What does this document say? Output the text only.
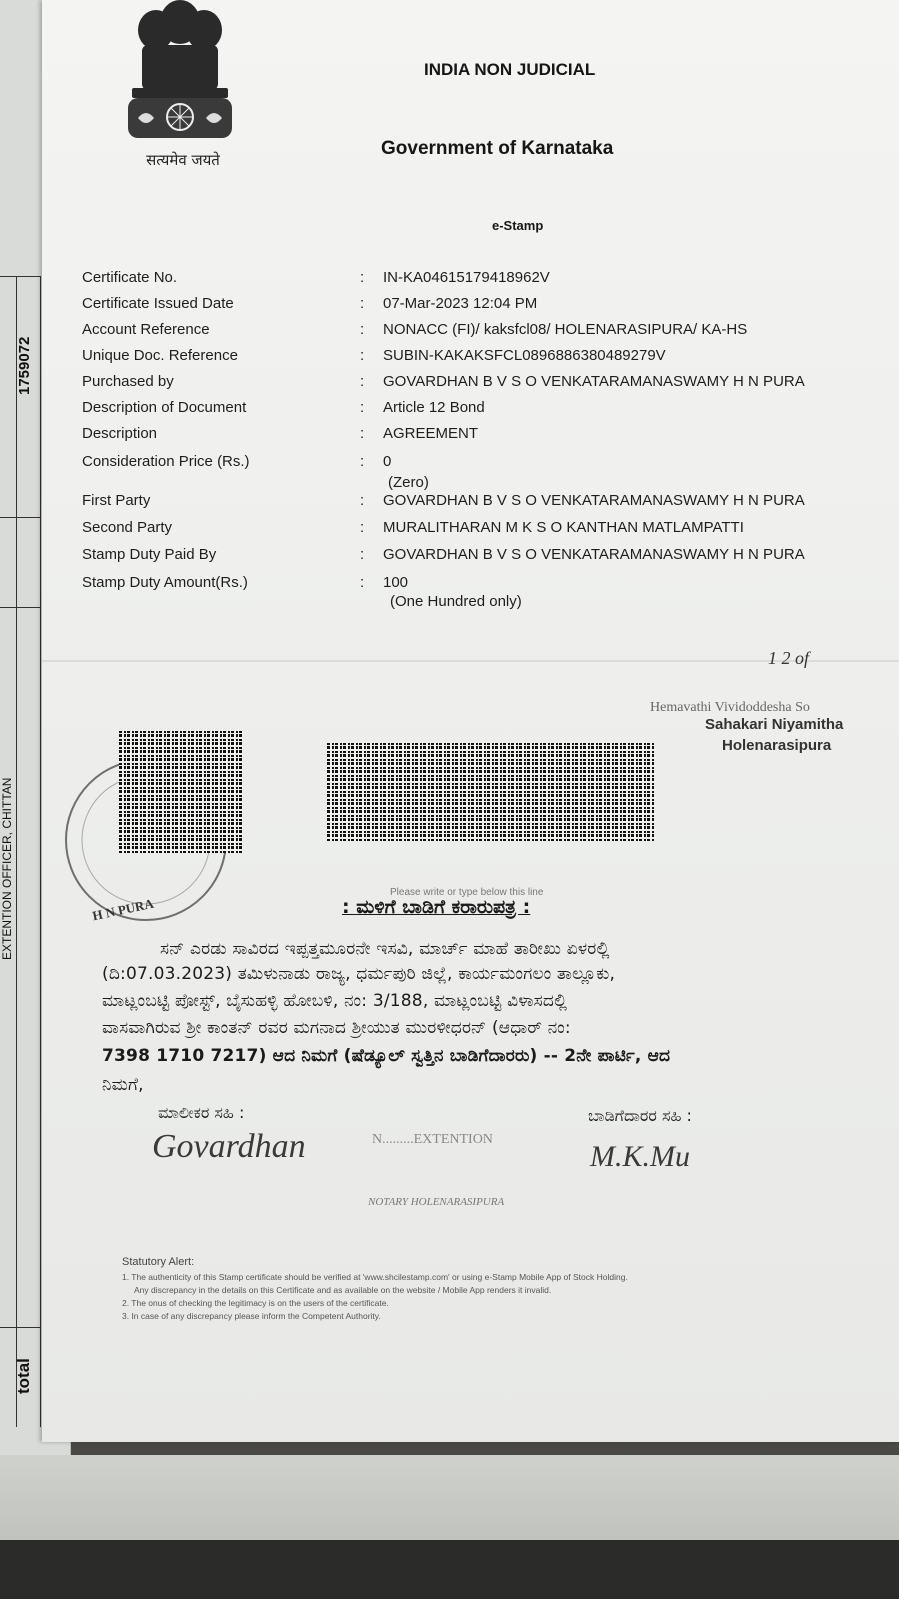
1759072
EXTENTION OFFICER, CHITTAN
total
सत्यमेव जयते
INDIA NON JUDICIAL
Government of Karnataka
e-Stamp
Certificate No.	: IN-KA04615179418962V
Certificate Issued Date	: 07-Mar-2023 12:04 PM
Account Reference	: NONACC (FI)/ kaksfcl08/ HOLENARASIPURA/ KA-HS
Unique Doc. Reference	: SUBIN-KAKAKSFCL0896886380489279V
Purchased by	: GOVARDHAN B V S O VENKATARAMANASWAMY H N PURA
Description of Document	: Article 12 Bond
Description	: AGREEMENT
Consideration Price (Rs.)	: 0
(Zero)
First Party	: GOVARDHAN B V S O VENKATARAMANASWAMY H N PURA
Second Party	: MURALITHARAN M K S O KANTHAN MATLAMPATTI
Stamp Duty Paid By	: GOVARDHAN B V S O VENKATARAMANASWAMY H N PURA
Stamp Duty Amount(Rs.)	: 100
(One Hundred only)
1 2 of
Hemavathi Vividoddesha So
Sahakari Niyamitha
Holenarasipura
H N PURA
Please write or type below this line
: ಮಳಿಗೆ ಬಾಡಿಗೆ ಕರಾರುಪತ್ರ :
ಸನ್ ಎರಡು ಸಾವಿರದ ಇಪ್ಪತ್ತಮೂರನೇ ಇಸವಿ, ಮಾರ್ಚ್ ಮಾಹೆ ತಾರೀಖು ಏಳರಲ್ಲಿ
(ದಿ:07.03.2023) ತಮಿಳುನಾಡು ರಾಜ್ಯ, ಧರ್ಮಪುರಿ ಜಿಲ್ಲೆ, ಕಾರ್ಯಮಂಗಲಂ ತಾಲ್ಲೂಕು,
ಮಾಟ್ಲಂಬಟ್ಟಿ ಪೋಸ್ಟ್, ಬೈಸುಹಳ್ಳಿ ಹೋಬಳಿ, ನಂ: 3/188, ಮಾಟ್ಲಂಬಟ್ಟಿ ವಿಳಾಸದಲ್ಲಿ
ವಾಸವಾಗಿರುವ ಶ್ರೀ ಕಾಂತನ್ ರವರ ಮಗನಾದ ಶ್ರೀಯುತ ಮುರಳೀಧರನ್ (ಆಧಾರ್ ನಂ:
7398 1710 7217) ಆದ ನಿಮಗೆ (ಷೆಡ್ಯೂಲ್ ಸ್ವತ್ತಿನ ಬಾಡಿಗೆದಾರರು) -- 2ನೇ ಪಾರ್ಟಿ, ಆದ
ನಿಮಗೆ,
ಮಾಲೀಕರ ಸಹಿ :	ಬಾಡಿಗೆದಾರರ ಸಹಿ :
Govardhan	M.K.Mu
N.........EXTENTION
NOTARY HOLENARASIPURA
Statutory Alert:
1. The authenticity of this Stamp certificate should be verified at 'www.shcilestamp.com' or using e-Stamp Mobile App of Stock Holding.
Any discrepancy in the details on this Certificate and as available on the website / Mobile App renders it invalid.
2. The onus of checking the legitimacy is on the users of the certificate.
3. In case of any discrepancy please inform the Competent Authority.
